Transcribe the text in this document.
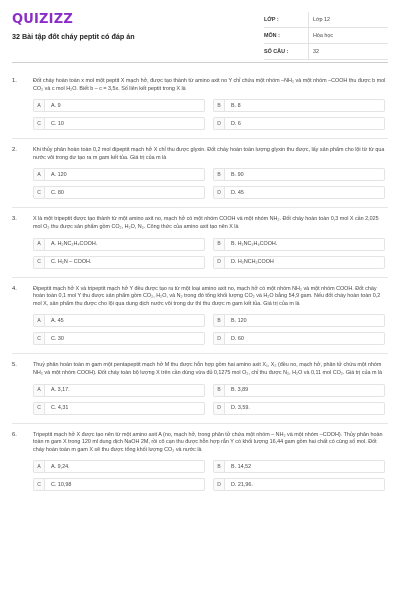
QUIZIZZ
32 Bài tập đốt cháy peptit có đáp án
LỚP :	Lớp 12
MÔN :	Hóa học
SỐ CÂU :	32
1.	Đốt cháy hoàn toàn x mol một peptit X mạch hở, được tạo thành từ amino axit no Y chỉ chứa một nhóm –NH₂ và một nhóm –COOH thu được b mol CO₂ và c mol H₂O. Biết b – c = 3,5x. Số liên kết peptit trong X là
A	A. 9	B	B. 8
C	C. 10	D	D. 6
2.	Khi thủy phân hoàn toàn 0,2 mol đipeptit mạch hở X chỉ thu được glyxin. Đốt cháy hoàn toàn lượng glyxin thu được, lấy sản phẩm cho lội từ từ qua nước vôi trong dư tạo ra m gam kết tủa. Giá trị của m là
A	A. 120	B	B. 90
C	C. 80	D	D. 45
3.	X là một tripeptit được tạo thành từ một amino axit no, mạch hở có một nhóm COOH và một nhóm NH₂. Đốt cháy hoàn toàn 0,3 mol X cần 2,025 mol O₂ thu được sản phẩm gồm CO₂, H₂O, N₂. Công thức của amino axit tạo nên X là
A	A. H₂NC₂H₄COOH.	B	B. H₂NC₃H₆COOH.
C	C. H₂N – COOH.	D	D. H₂NCH₂COOH
4.	Đipeptit mạch hở X và tripeptit mạch hở Y đều được tạo ra từ một loại amino axit no, mạch hở có một nhóm NH₂ và một nhóm COOH. Đốt cháy hoàn toàn 0,1 mol Y thu được sản phẩm gồm CO₂, H₂O, và N₂ trong đó tổng khối lượng CO₂ và H₂O bằng 54,9 gam. Nếu đốt cháy hoàn toàn 0,2 mol X, sản phẩm thu được cho lội qua dung dịch nước vôi trong dư thì thu được m gam kết tủa. Giá trị của m là
A	A. 45	B	B. 120
C	C. 30	D	D. 60
5.	Thuỷ phân hoàn toàn m gam một pentapeptit mạch hở M thu được hỗn hợp gồm hai amino axit X₁, X₂ (đều no, mạch hở, phân tử chứa một nhóm NH₂ và một nhóm COOH). Đốt cháy toàn bộ lượng X trên cần dùng vừa đủ 0,1275 mol O₂, chỉ thu được N₂, H₂O và 0,11 mol CO₂. Giá trị của m là
A	A. 3,17.	B	B. 3,89
C	C. 4,31	D	D. 3,59.
6.	Tripeptit mạch hở X được tạo nên từ một amino axit A (no, mạch hở, trong phân tử chứa một nhóm – NH₂ và một nhóm –COOH). Thủy phân hoàn toàn m gam X trong 120 ml dung dịch NaOH 2M, rồi cô cạn thu được hỗn hợp rắn Y có khối lượng 16,44 gam gồm hai chất có cùng số mol. Đốt cháy hoàn toàn m gam X sẽ thu được tổng khối lượng CO₂ và nước là
A	A. 9,24.	B	B. 14,52
C	C. 10,98	D	D. 21,96.
